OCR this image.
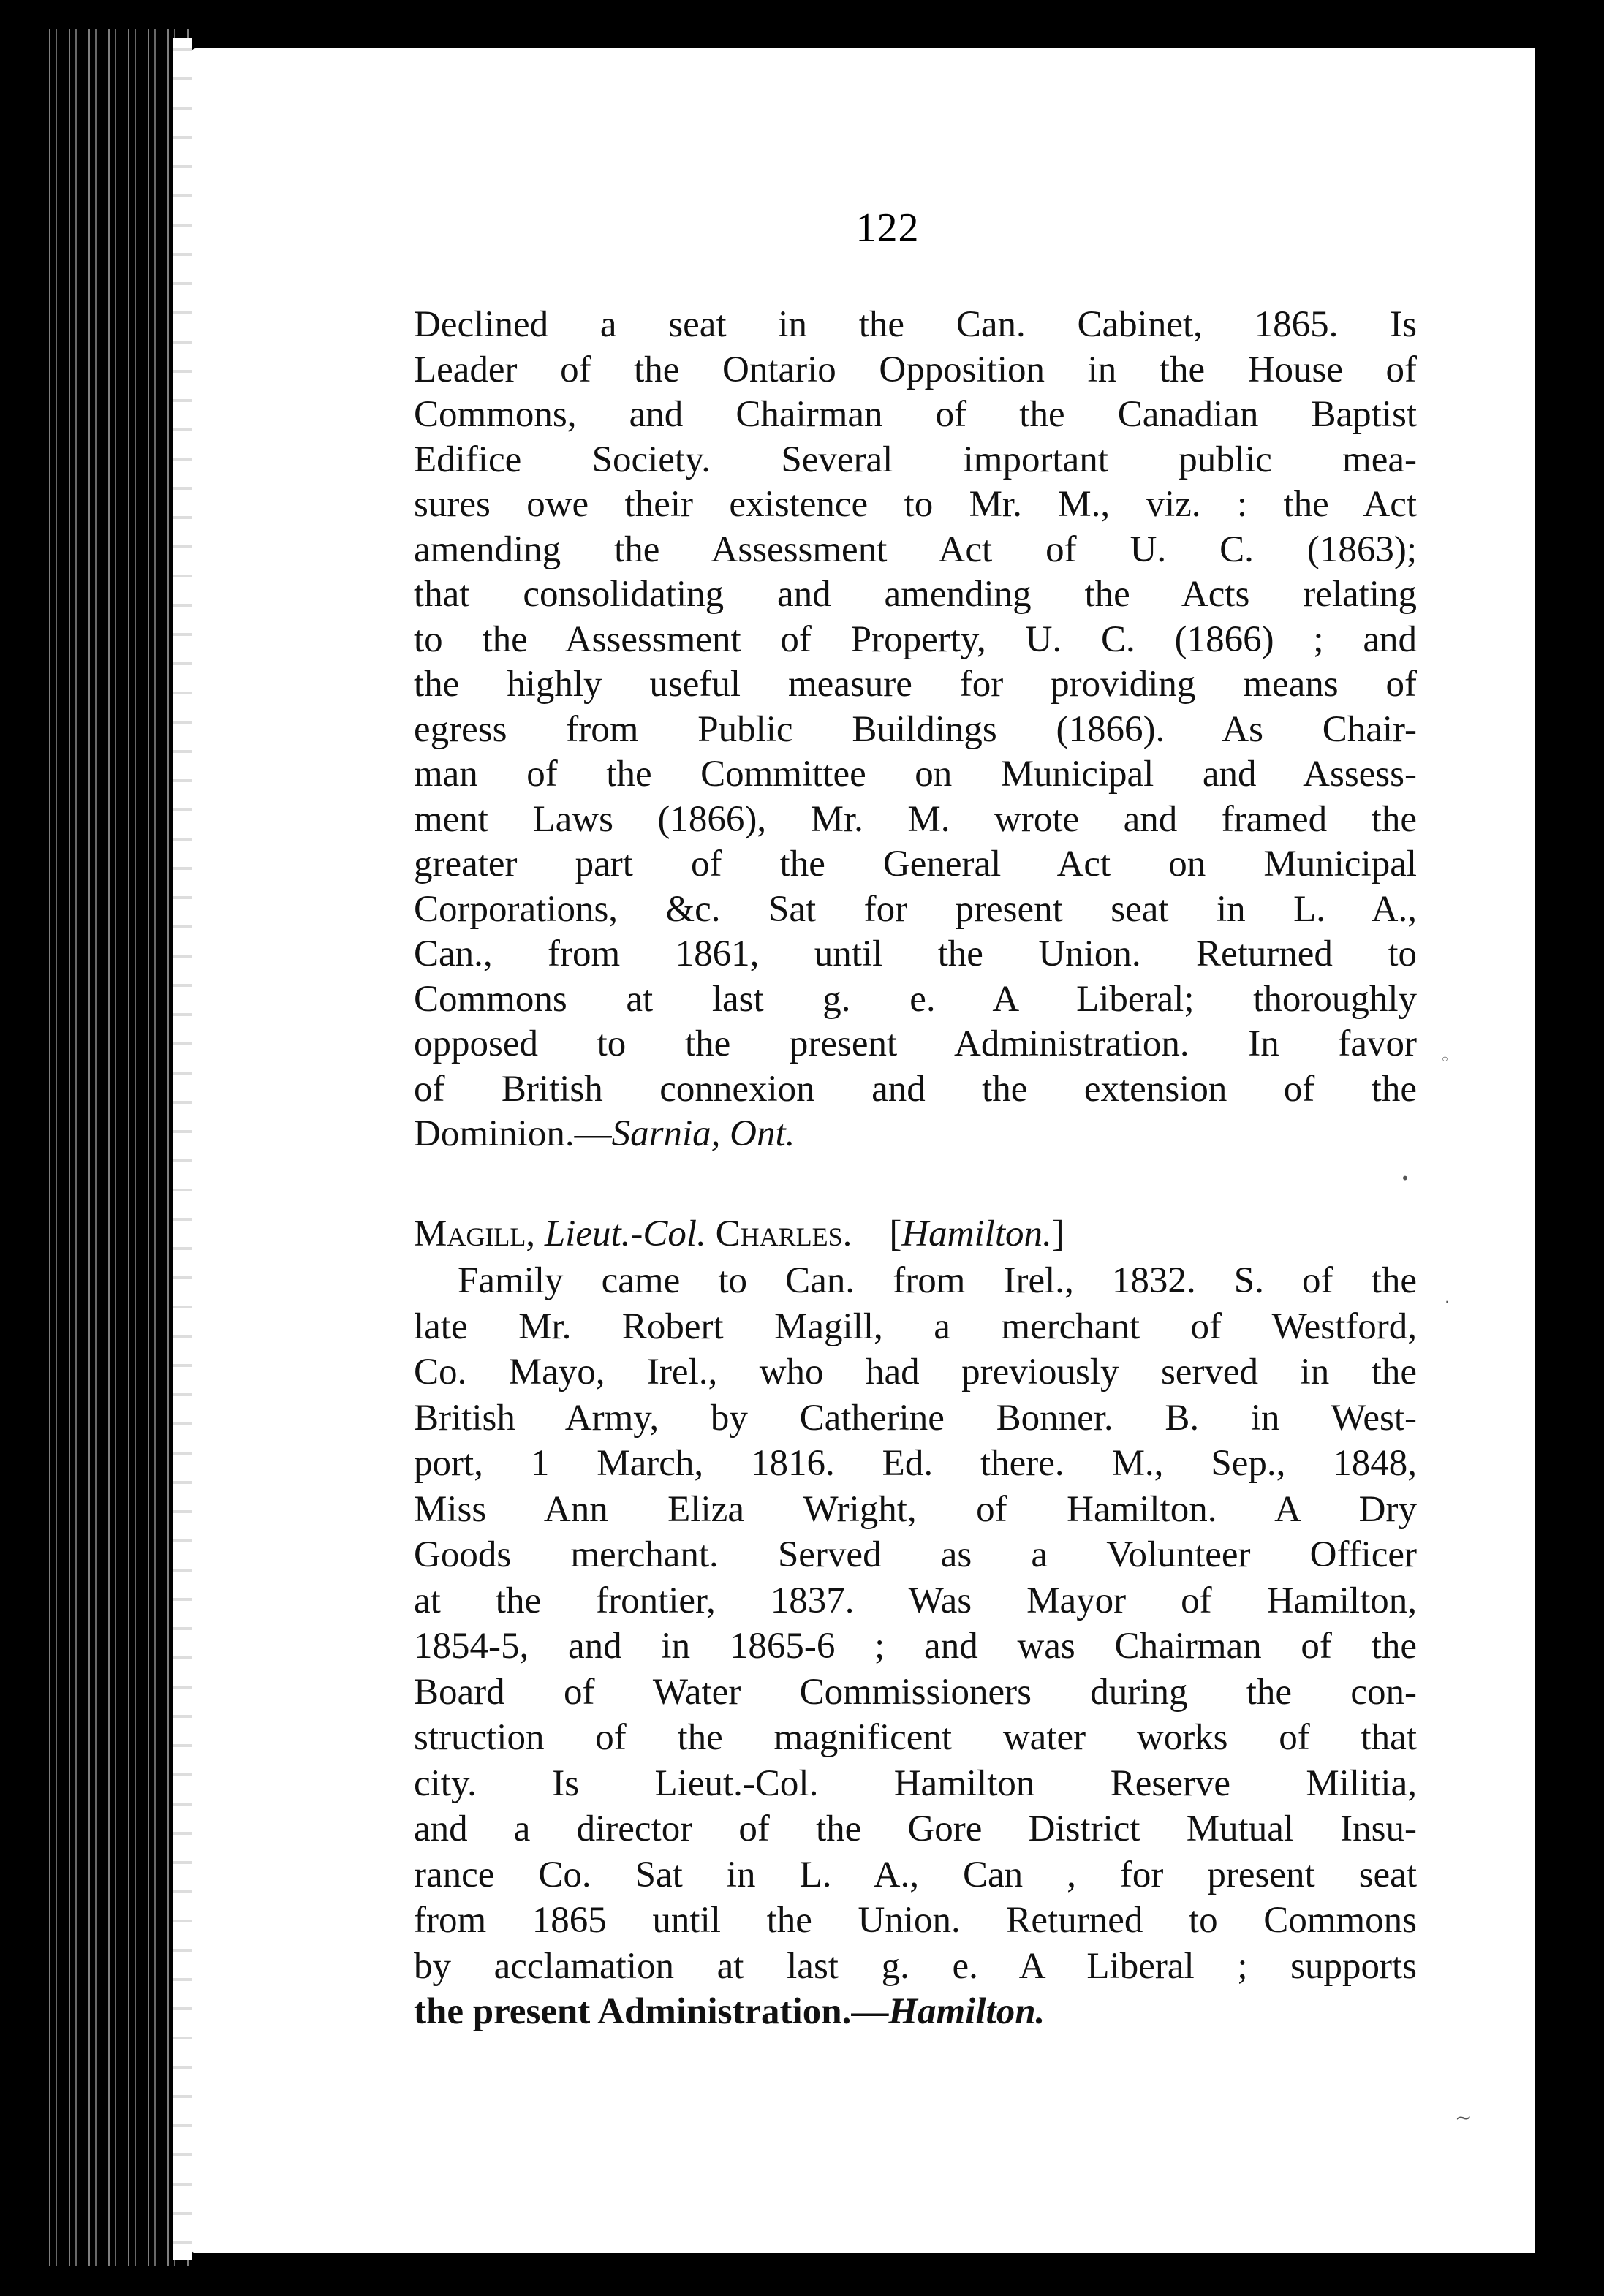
122
Declined a seat in the Can. Cabinet, 1865. Is
Leader of the Ontario Opposition in the House of
Commons, and Chairman of the Canadian Baptist
Edifice Society. Several important public mea-
sures owe their existence to Mr. M., viz. : the Act
amending the Assessment Act of U. C. (1863);
that consolidating and amending the Acts relating
to the Assessment of Property, U. C. (1866) ; and
the highly useful measure for providing means of
egress from Public Buildings (1866). As Chair-
man of the Committee on Municipal and Assess-
ment Laws (1866), Mr. M. wrote and framed the
greater part of the General Act on Municipal
Corporations, &c. Sat for present seat in L. A.,
Can., from 1861, until the Union. Returned to
Commons at last g. e. A Liberal; thoroughly
opposed to the present Administration. In favor
of British connexion and the extension of the
Dominion.—Sarnia, Ont.
Magill, Lieut.-Col. Charles. [Hamilton.]
Family came to Can. from Irel., 1832. S. of the
late Mr. Robert Magill, a merchant of Westford,
Co. Mayo, Irel., who had previously served in the
British Army, by Catherine Bonner. B. in West-
port, 1 March, 1816. Ed. there. M., Sep., 1848,
Miss Ann Eliza Wright, of Hamilton. A Dry
Goods merchant. Served as a Volunteer Officer
at the frontier, 1837. Was Mayor of Hamilton,
1854-5, and in 1865-6 ; and was Chairman of the
Board of Water Commissioners during the con-
struction of the magnificent water works of that
city. Is Lieut.-Col. Hamilton Reserve Militia,
and a director of the Gore District Mutual Insu-
rance Co. Sat in L. A., Can , for present seat
from 1865 until the Union. Returned to Commons
by acclamation at last g. e. A Liberal ; supports
the present Administration.—Hamilton.
◦
•
·
~
